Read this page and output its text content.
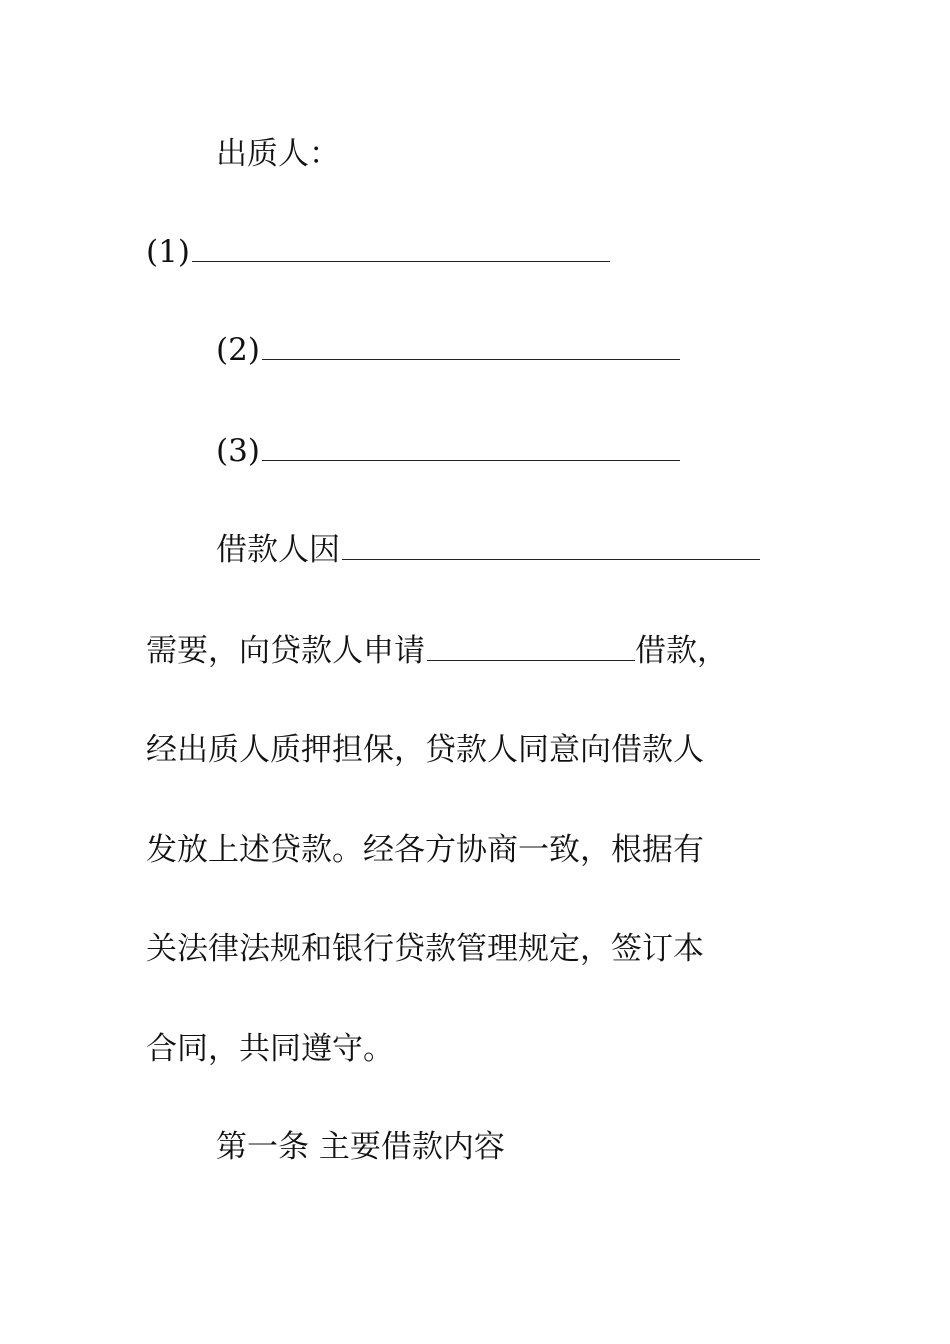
出质人：
(1)
(2)
(3)
借款人因
需要，向贷款人申请	借款，
经出质人质押担保，贷款人同意向借款人
发放上述贷款。经各方协商一致，根据有
关法律法规和银行贷款管理规定，签订本
合同，共同遵守。
第一条 主要借款内容
